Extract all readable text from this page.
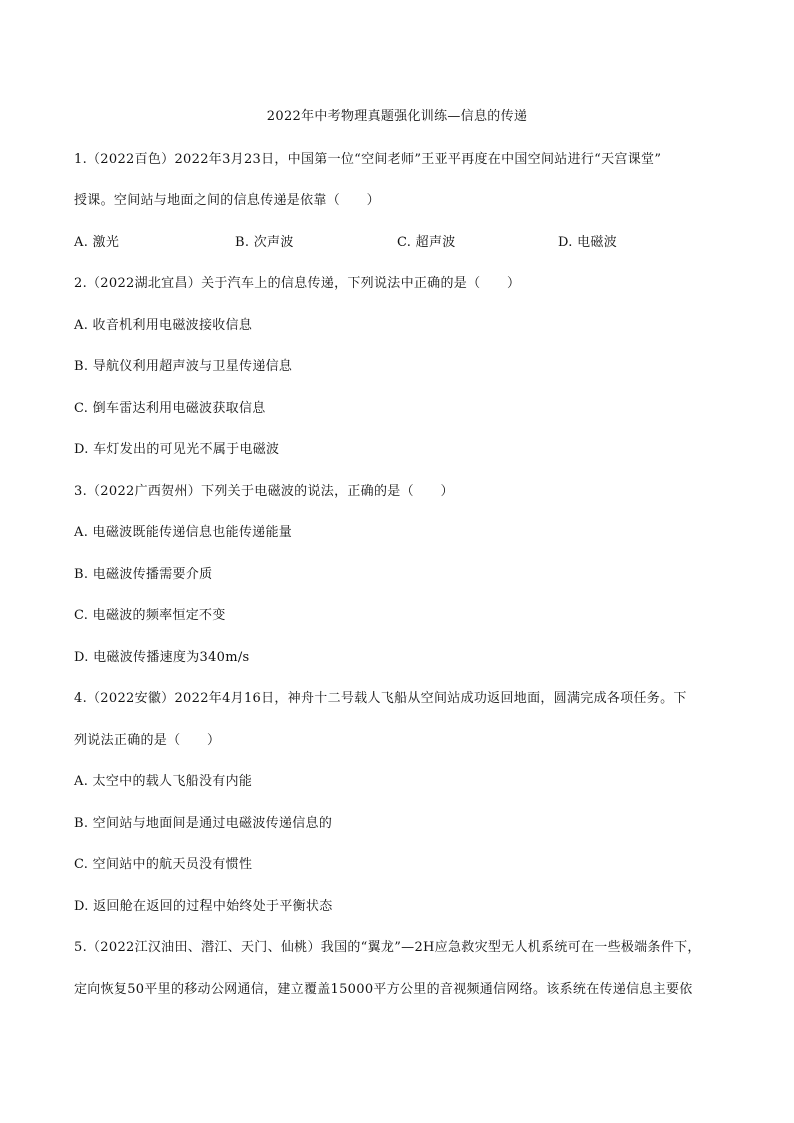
2022年中考物理真题强化训练—信息的传递
1.（2022百色）2022年3月23日，中国第一位“空间老师”王亚平再度在中国空间站进行“天宫课堂”
授课。空间站与地面之间的信息传递是依靠（　　）
A. 激光	B. 次声波	C. 超声波	D. 电磁波
2.（2022湖北宜昌）关于汽车上的信息传递，下列说法中正确的是（　　）
A. 收音机利用电磁波接收信息
B. 导航仪利用超声波与卫星传递信息
C. 倒车雷达利用电磁波获取信息
D. 车灯发出的可见光不属于电磁波
3.（2022广西贺州）下列关于电磁波的说法，正确的是（　　）
A. 电磁波既能传递信息也能传递能量
B. 电磁波传播需要介质
C. 电磁波的频率恒定不变
D. 电磁波传播速度为340m/s
4.（2022安徽）2022年4月16日，神舟十二号载人飞船从空间站成功返回地面，圆满完成各项任务。下
列说法正确的是（　　）
A. 太空中的载人飞船没有内能
B. 空间站与地面间是通过电磁波传递信息的
C. 空间站中的航天员没有惯性
D. 返回舱在返回的过程中始终处于平衡状态
5.（2022江汉油田、潜江、天门、仙桃）我国的“翼龙”—2H应急救灾型无人机系统可在一些极端条件下，
定向恢复50平里的移动公网通信，建立覆盖15000平方公里的音视频通信网络。该系统在传递信息主要依
